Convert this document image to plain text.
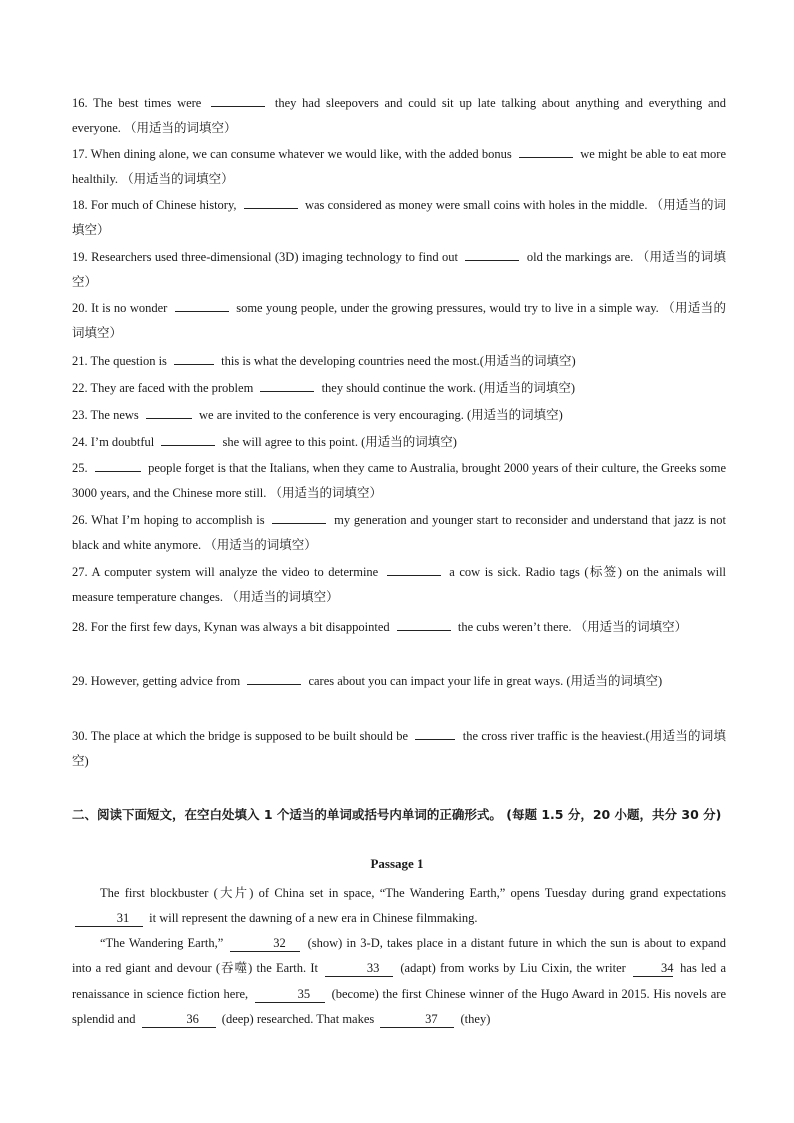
16. The best times were	they had sleepovers and could sit up late talking about anything and everything and everyone. （用适当的词填空）
17. When dining alone, we can consume whatever we would like, with the added bonus	we might be able to eat more healthily. （用适当的词填空）
18. For much of Chinese history,	was considered as money were small coins with holes in the middle. （用适当的词填空）
19. Researchers used three-dimensional (3D) imaging technology to find out	old the markings are. （用适当的词填空）
20. It is no wonder	some young people, under the growing pressures, would try to live in a simple way. （用适当的词填空）
21. The question is	this is what the developing countries need the most.(用适当的词填空)
22. They are faced with the problem	they should continue the work. (用适当的词填空)
23. The news	we are invited to the conference is very encouraging. (用适当的词填空)
24. I’m doubtful	she will agree to this point. (用适当的词填空)
25.	people forget is that the Italians, when they came to Australia, brought 2000 years of their culture, the Greeks some 3000 years, and the Chinese more still. （用适当的词填空）
26. What I’m hoping to accomplish is	my generation and younger start to reconsider and understand that jazz is not black and white anymore. （用适当的词填空）
27. A computer system will analyze the video to determine	a cow is sick. Radio tags (标签) on the animals will measure temperature changes. （用适当的词填空）
28. For the first few days, Kynan was always a bit disappointed	the cubs weren’t there. （用适当的词填空）
29. However, getting advice from	cares about you can impact your life in great ways. (用适当的词填空)
30. The place at which the bridge is supposed to be built should be	the cross river traffic is the heaviest.(用适当的词填空)
二、阅读下面短文，在空白处填入 1 个适当的单词或括号内单词的正确形式。 (每题 1.5 分，20 小题，共分 30 分)
Passage 1
The first blockbuster (大片) of China set in space, “The Wandering Earth,” opens Tuesday during grand expectations 31 it will represent the dawning of a new era in Chinese filmmaking.
“The Wandering Earth,”	32 (show) in 3-D, takes place in a distant future in which the sun is about to expand into a red giant and devour (吞噬) the Earth. It	33 (adapt) from works by Liu Cixin, the writer	34 has led a renaissance in science fiction here,	35 (become) the first Chinese winner of the Hugo Award in 2015. His novels are splendid and	36 (deep) researched. That makes	37 (they)
